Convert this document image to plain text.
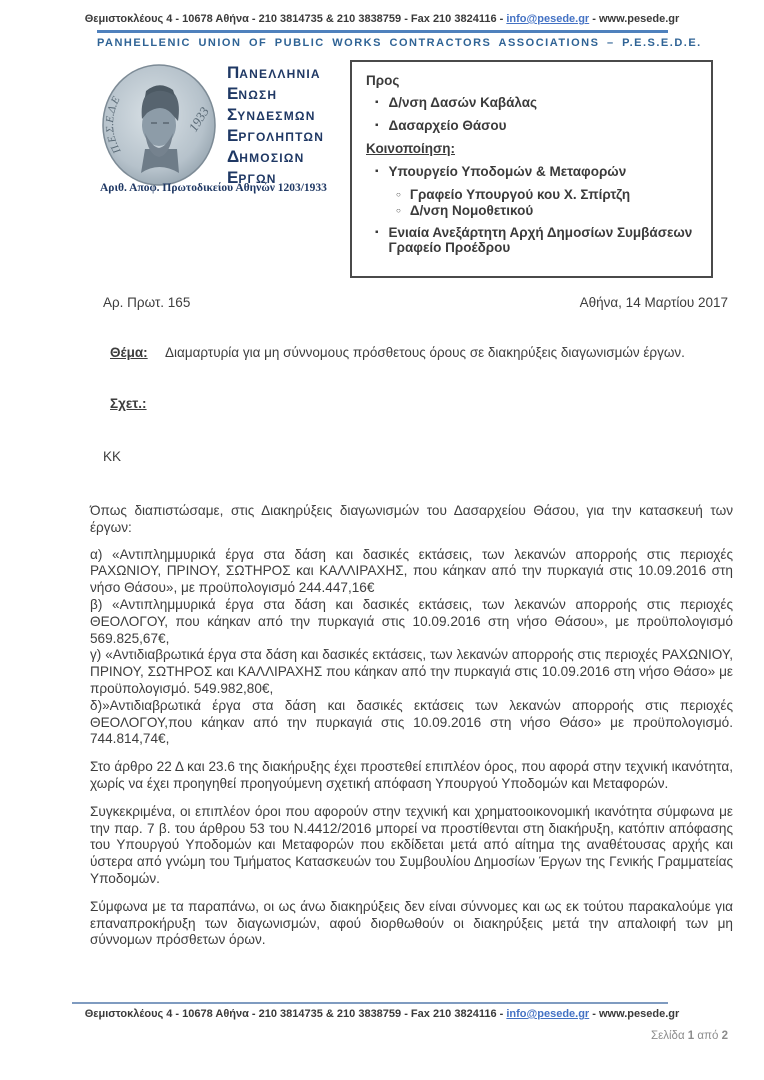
Θεμιστοκλέους 4 - 10678 Αθήνα - 210 3814735 & 210 3838759 - Fax 210 3824116 - info@pesede.gr - www.pesede.gr
PANHELLENIC UNION OF PUBLIC WORKS CONTRACTORS ASSOCIATIONS – P.E.S.E.D.E.
Π.Ε.Σ.Ε.Δ.Ε
1933
ΠΑΝΕΛΛΗΝΙΑ
ΕΝΩΣΗ
ΣΥΝΔΕΣΜΩΝ
ΕΡΓΟΛΗΠΤΩΝ
ΔΗΜΟΣΙΩΝ
ΕΡΓΩΝ
Αριθ. Αποφ. Πρωτοδικείου Αθηνών 1203/1933
Προς
▪ Δ/νση Δασών Καβάλας
▪ Δασαρχείο Θάσου
Κοινοποίηση:
▪ Υπουργείο Υποδομών & Μεταφορών
○ Γραφείο Υπουργού κου Χ. Σπίρτζη
○ Δ/νση Νομοθετικού
▪ Ενιαία Ανεξάρτητη Αρχή Δημοσίων Συμβάσεων
Γραφείο Προέδρου
Αρ. Πρωτ. 165	Αθήνα, 14 Μαρτίου 2017
Θέμα:	Διαμαρτυρία για μη σύννομους πρόσθετους όρους σε διακηρύξεις διαγωνισμών έργων.
Σχετ.:
ΚΚ

Όπως διαπιστώσαμε, στις Διακηρύξεις διαγωνισμών του Δασαρχείου Θάσου, για την κατασκευή των έργων:

α) «Αντιπλημμυρικά έργα στα δάση και δασικές εκτάσεις, των λεκανών απορροής στις περιοχές ΡΑΧΩΝΙΟΥ, ΠΡΙΝΟΥ, ΣΩΤΗΡΟΣ και ΚΑΛΛΙΡΑΧΗΣ, που κάηκαν από την πυρκαγιά στις 10.09.2016 στη νήσο Θάσου», με προϋπολογισμό 244.447,16€

β) «Αντιπλημμυρικά έργα στα δάση και δασικές εκτάσεις, των λεκανών απορροής στις περιοχές ΘΕΟΛΟΓΟΥ, που κάηκαν από την πυρκαγιά στις 10.09.2016 στη νήσο Θάσου», με προϋπολογισμό 569.825,67€,

γ) «Αντιδιαβρωτικά έργα στα δάση και δασικές εκτάσεις, των λεκανών απορροής στις περιοχές ΡΑΧΩΝΙΟΥ, ΠΡΙΝΟΥ, ΣΩΤΗΡΟΣ και ΚΑΛΛΙΡΑΧΗΣ που κάηκαν από την πυρκαγιά στις 10.09.2016 στη νήσο Θάσο» με προϋπολογισμό. 549.982,80€,

δ)»Αντιδιαβρωτικά έργα στα δάση και δασικές εκτάσεις των λεκανών απορροής στις περιοχές ΘΕΟΛΟΓΟΥ,που κάηκαν από την πυρκαγιά στις 10.09.2016 στη νήσο Θάσο» με προϋπολογισμό. 744.814,74€,

Στο άρθρο 22 Δ και 23.6 της διακήρυξης έχει προστεθεί επιπλέον όρος, που αφορά στην τεχνική ικανότητα, χωρίς να έχει προηγηθεί προηγούμενη σχετική απόφαση Υπουργού Υποδομών και Μεταφορών.

Συγκεκριμένα, οι επιπλέον όροι που αφορούν στην τεχνική και χρηματοοικονομική ικανότητα σύμφωνα με την παρ. 7 β. του άρθρου 53 του Ν.4412/2016 μπορεί να προστίθενται στη διακήρυξη, κατόπιν απόφασης του Υπουργού Υποδομών και Μεταφορών που εκδίδεται μετά από αίτημα της αναθέτουσας αρχής και ύστερα από γνώμη του Τμήματος Κατασκευών του Συμβουλίου Δημοσίων Έργων της Γενικής Γραμματείας Υποδομών.

Σύμφωνα με τα παραπάνω, οι ως άνω διακηρύξεις δεν είναι σύννομες και ως εκ τούτου παρακαλούμε για επαναπροκήρυξη των διαγωνισμών, αφού διορθωθούν οι διακηρύξεις μετά την απαλοιφή των μη σύννομων πρόσθετων όρων.

Θεμιστοκλέους 4 - 10678 Αθήνα - 210 3814735 & 210 3838759 - Fax 210 3824116 - info@pesede.gr - www.pesede.gr
Σελίδα 1 από 2
